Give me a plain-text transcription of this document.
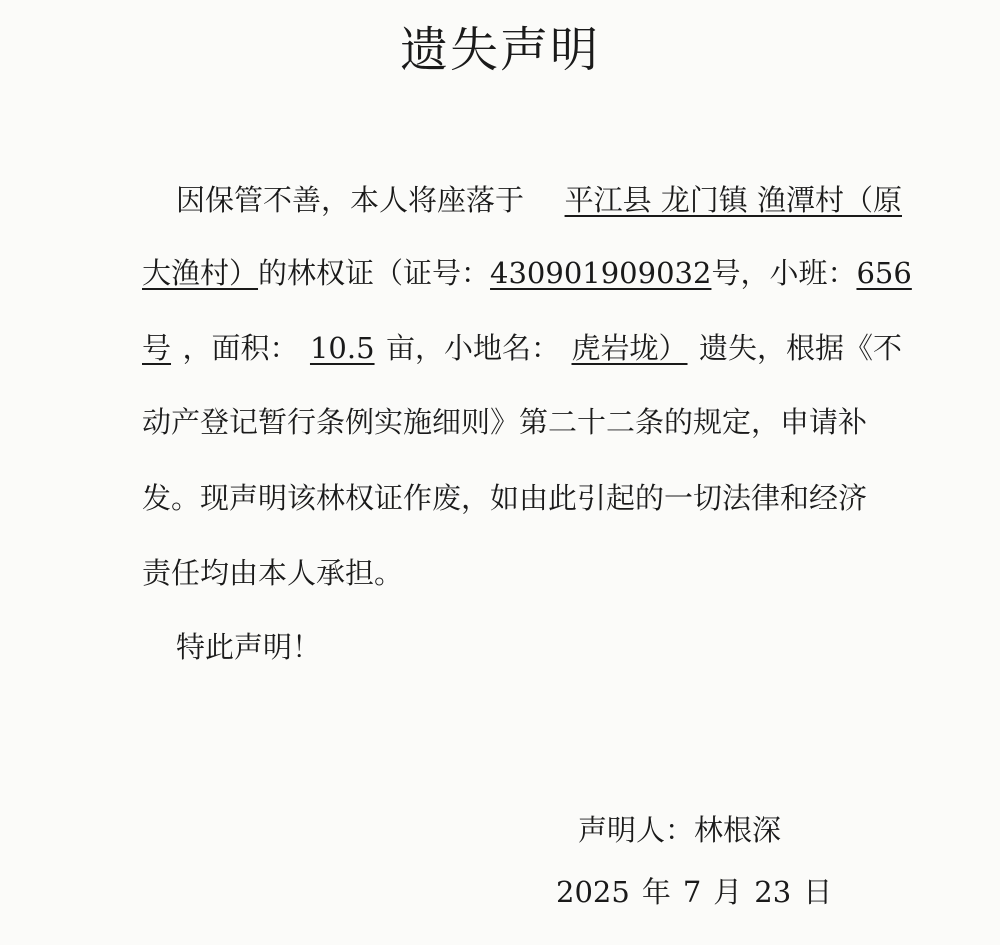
遗失声明
因保管不善，本人将座落于 平江县 龙门镇 渔潭村（原
大渔村） 的林权证（证号： 430901909032 号，小班： 656
号 ，面积： 10.5 亩，小地名： 虎岩垅） 遗失，根据《不
动产登记暂行条例实施细则》第二十二条的规定，申请补
发。现声明该林权证作废，如由此引起的一切法律和经济
责任均由本人承担。
特此声明！
声明人：林根深
2025 年 7 月 23 日
